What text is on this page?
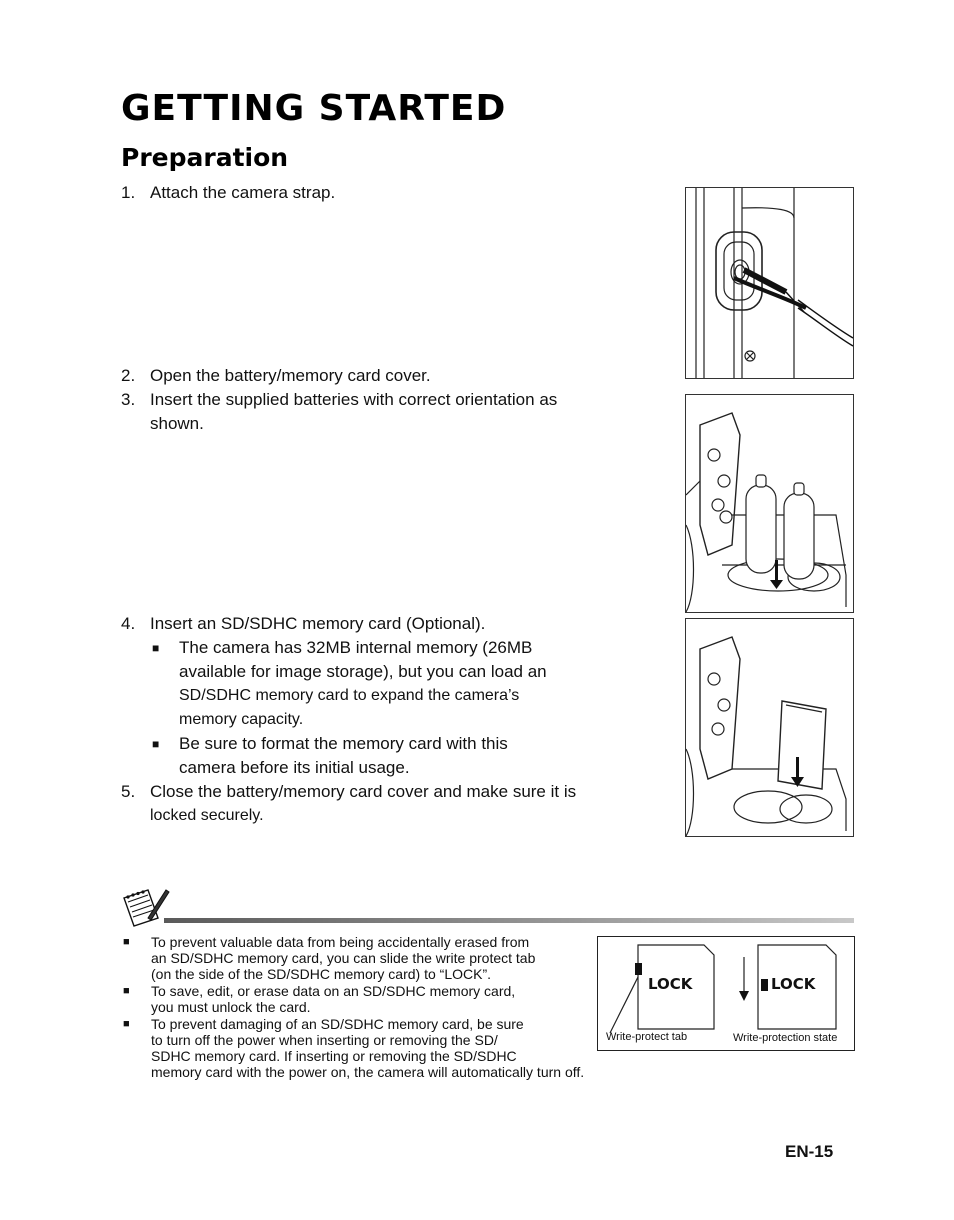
GETTING STARTED
Preparation
1. Attach the camera strap.
2. Open the battery/memory card cover.
3. Insert the supplied batteries with correct orientation as
shown.
4. Insert an SD/SDHC memory card (Optional).
■ The camera has 32MB internal memory (26MB
available for image storage), but you can load an
SD/SDHC memory card to expand the camera’s
memory capacity.
■ Be sure to format the memory card with this
camera before its initial usage.
5. Close the battery/memory card cover and make sure it is
locked securely.
■ To prevent valuable data from being accidentally erased from
an SD/SDHC memory card, you can slide the write protect tab
(on the side of the SD/SDHC memory card) to “LOCK”.
■ To save, edit, or erase data on an SD/SDHC memory card,
you must unlock the card.
■ To prevent damaging of an SD/SDHC memory card, be sure
to turn off the power when inserting or removing the SD/
SDHC memory card. If inserting or removing the SD/SDHC
memory card with the power on, the camera will automatically turn off.
LOCK	LOCK
Write-protect tab	Write-protection state
EN-15
